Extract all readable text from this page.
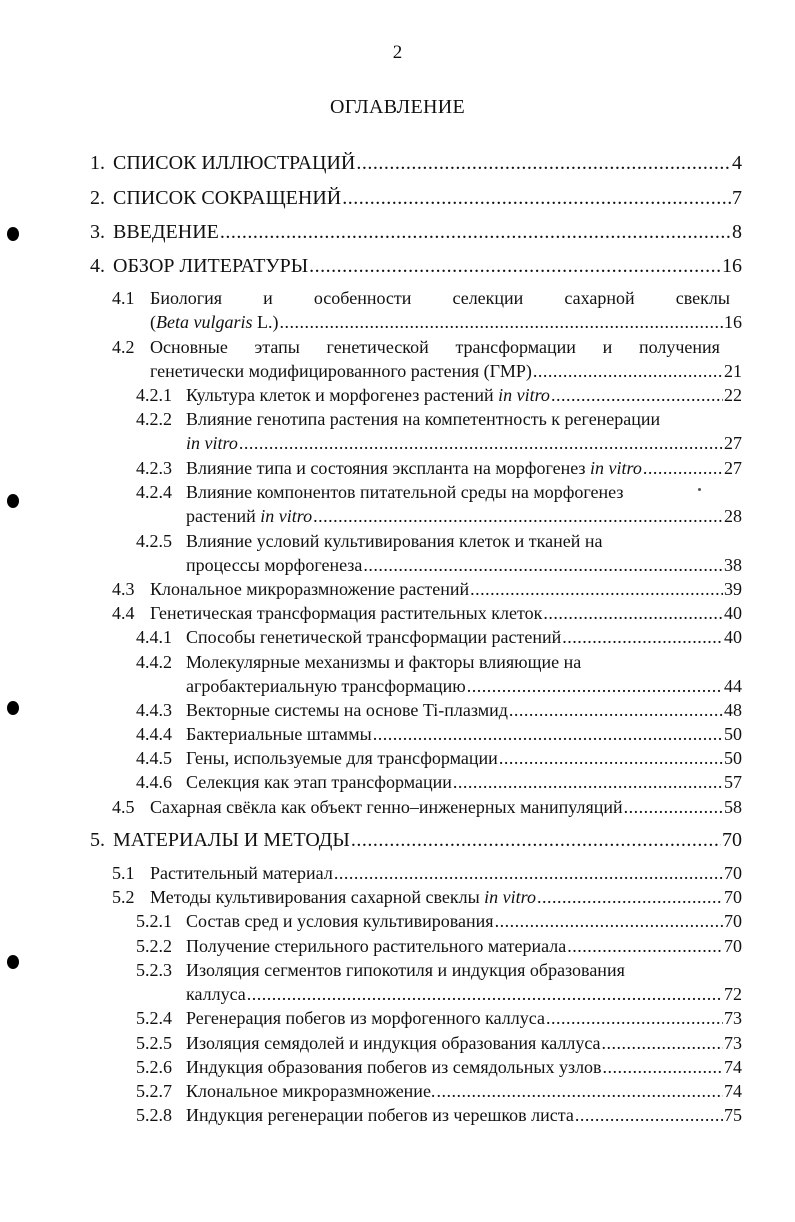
2
ОГЛАВЛЕНИЕ
1. СПИСОК ИЛЛЮСТРАЦИЙ .....	4
2. СПИСОК СОКРАЩЕНИЙ .....	7
3. ВВЕДЕНИЕ .....	8
4. ОБЗОР ЛИТЕРАТУРЫ .....	16
4.1 Биология и особенности селекции сахарной свеклы
(Beta vulgaris L.) .....	16
4.2 Основные этапы генетической трансформации и получения
генетически модифицированного растения (ГМР) .....	21
4.2.1 Культура клеток и морфогенез растений in vitro .....	22
4.2.2 Влияние генотипа растения на компетентность к регенерации
in vitro .....	27
4.2.3 Влияние типа и состояния экспланта на морфогенез in vitro .....	27
4.2.4 Влияние компонентов питательной среды на морфогенез
растений in vitro .....	28
4.2.5 Влияние условий культивирования клеток и тканей на
процессы морфогенеза .....	38
4.3 Клональное микроразмножение растений .....	39
4.4 Генетическая трансформация растительных клеток .....	40
4.4.1 Способы генетической трансформации растений .....	40
4.4.2 Молекулярные механизмы и факторы влияющие на
агробактериальную трансформацию .....	44
4.4.3 Векторные системы на основе Ti-плазмид .....	48
4.4.4 Бактериальные штаммы .....	50
4.4.5 Гены, используемые для трансформации .....	50
4.4.6 Селекция как этап трансформации .....	57
4.5 Сахарная свёкла как объект генно–инженерных манипуляций .....	58
5. МАТЕРИАЛЫ И МЕТОДЫ .....	70
5.1 Растительный материал .....	70
5.2 Методы культивирования сахарной свеклы in vitro .....	70
5.2.1 Состав сред и условия культивирования .....	70
5.2.2 Получение стерильного растительного материала .....	70
5.2.3 Изоляция сегментов гипокотиля и индукция образования
каллуса .....	72
5.2.4 Регенерация побегов из морфогенного каллуса .....	73
5.2.5 Изоляция семядолей и индукция образования каллуса .....	73
5.2.6 Индукция образования побегов из семядольных узлов .....	74
5.2.7 Клональное микроразмножение. .....	74
5.2.8 Индукция регенерации побегов из черешков листа .....	75
